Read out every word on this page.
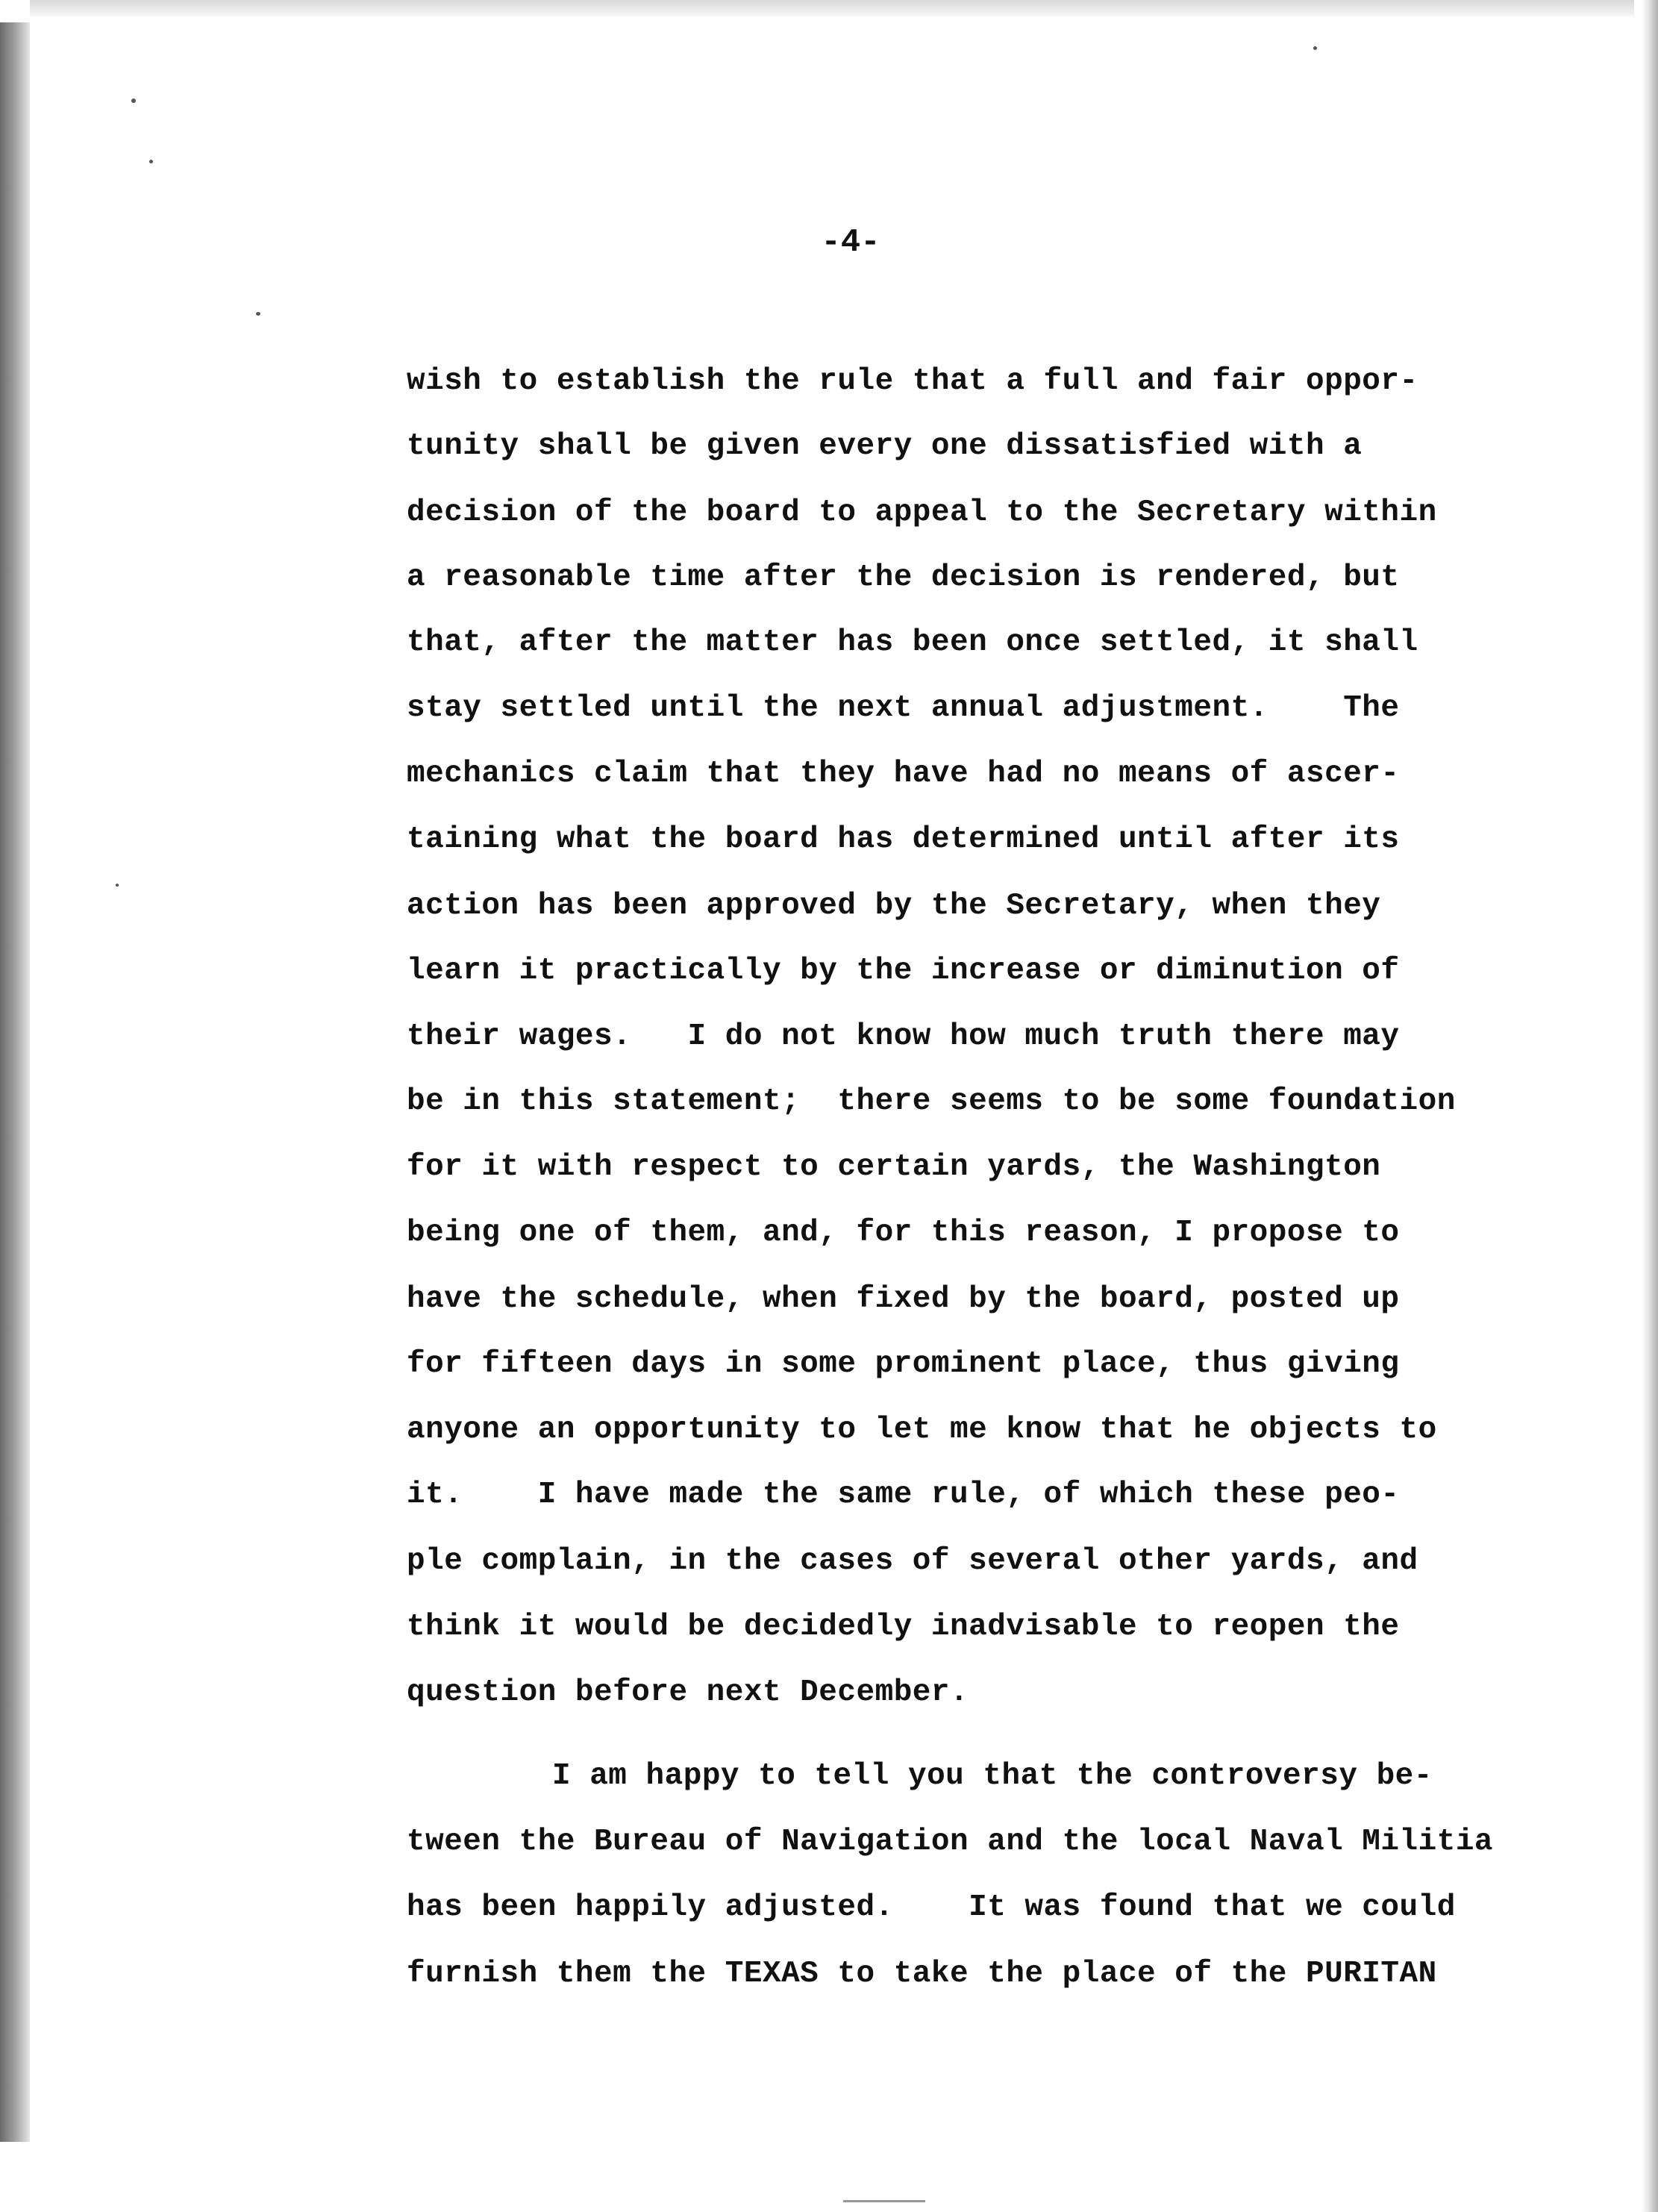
-4-
wish to establish the rule that a full and fair oppor-
tunity shall be given every one dissatisfied with a
decision of the board to appeal to the Secretary within
a reasonable time after the decision is rendered, but
that, after the matter has been once settled, it shall
stay settled until the next annual adjustment.    The
mechanics claim that they have had no means of ascer-
taining what the board has determined until after its
action has been approved by the Secretary, when they
learn it practically by the increase or diminution of
their wages.   I do not know how much truth there may
be in this statement;  there seems to be some foundation
for it with respect to certain yards, the Washington
being one of them, and, for this reason, I propose to
have the schedule, when fixed by the board, posted up
for fifteen days in some prominent place, thus giving
anyone an opportunity to let me know that he objects to
it.    I have made the same rule, of which these peo-
ple complain, in the cases of several other yards, and
think it would be decidedly inadvisable to reopen the
question before next December.
I am happy to tell you that the controversy be-
tween the Bureau of Navigation and the local Naval Militia
has been happily adjusted.    It was found that we could
furnish them the TEXAS to take the place of the PURITAN
